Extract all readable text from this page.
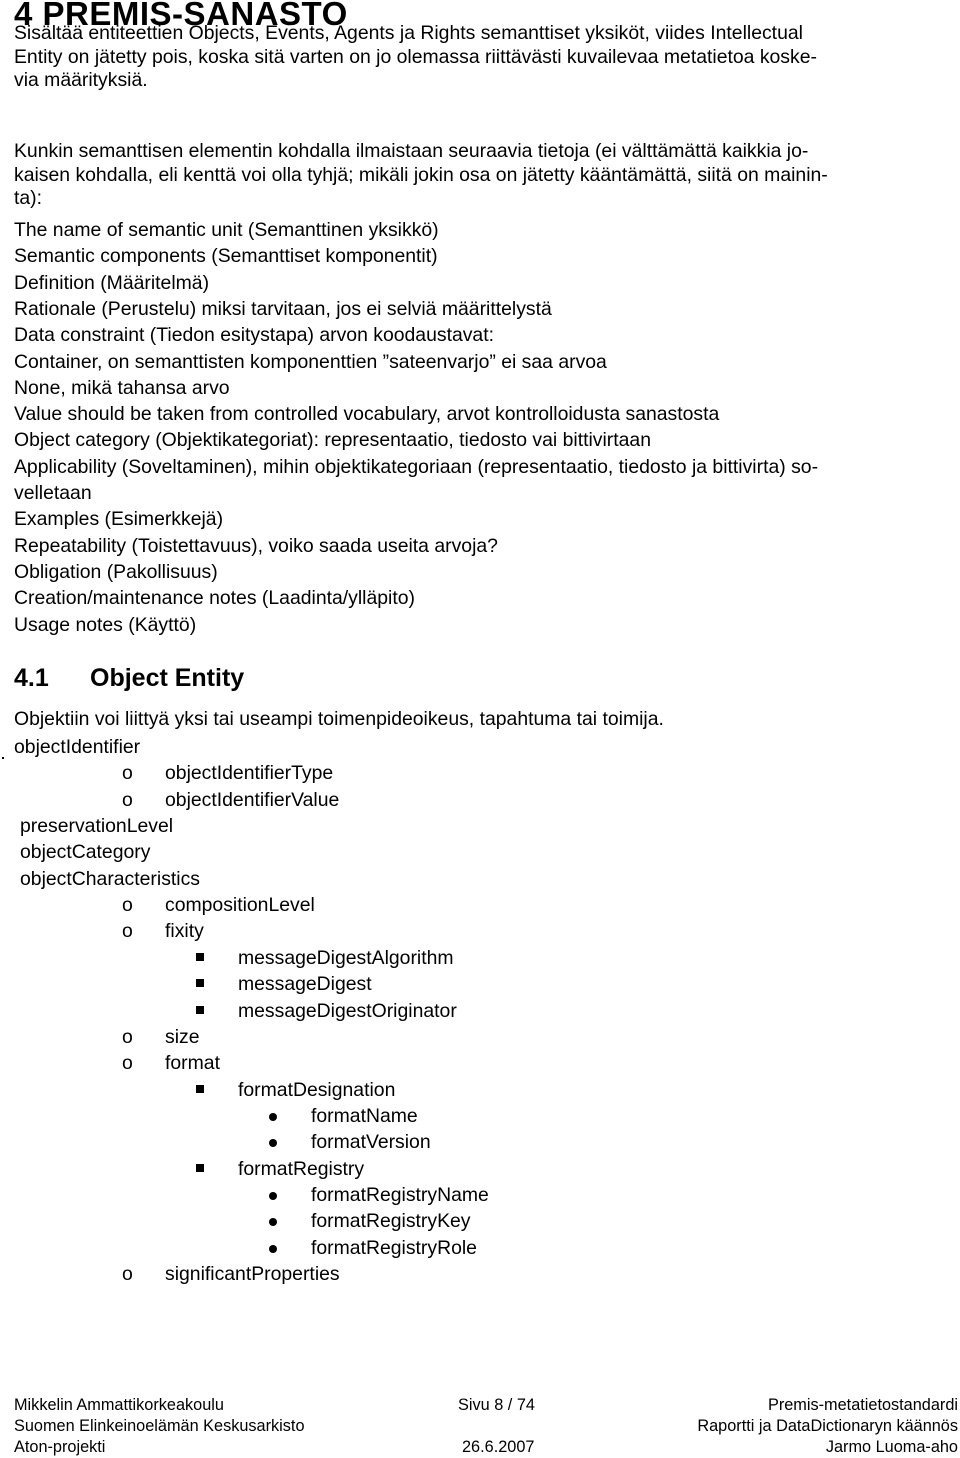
4 PREMIS-SANASTO

Sisältää entiteettien Objects, Events, Agents ja Rights semanttiset yksiköt, viides Intellectual

Entity on jätetty pois, koska sitä varten on jo olemassa riittävästi kuvailevaa metatietoa koske-

via määrityksiä.

Kunkin semanttisen elementin kohdalla ilmaistaan seuraavia tietoja (ei välttämättä kaikkia jo-

kaisen kohdalla, eli kenttä voi olla tyhjä; mikäli jokin osa on jätetty kääntämättä, siitä on mainin-

ta):

The name of semantic unit (Semanttinen yksikkö)

Semantic components (Semanttiset komponentit)

Definition (Määritelmä)

Rationale (Perustelu) miksi tarvitaan, jos ei selviä määrittelystä

Data constraint (Tiedon esitystapa) arvon koodaustavat:

Container, on semanttisten komponenttien ”sateenvarjo” ei saa arvoa

None, mikä tahansa arvo

Value should be taken from controlled vocabulary, arvot kontrolloidusta sanastosta

Object category (Objektikategoriat): representaatio, tiedosto vai bittivirtaan

Applicability (Soveltaminen), mihin objektikategoriaan (representaatio, tiedosto ja bittivirta) so-

velletaan

Examples (Esimerkkejä)

Repeatability (Toistettavuus), voiko saada useita arvoja?

Obligation (Pakollisuus)

Creation/maintenance notes (Laadinta/ylläpito)

Usage notes (Käyttö)

4.1 Object Entity

Objektiin voi liittyä yksi tai useampi toimenpideoikeus, tapahtuma tai toimija.

objectIdentifier

o objectIdentifierType

o objectIdentifierValue

preservationLevel

objectCategory

objectCharacteristics

o compositionLevel

o fixity

messageDigestAlgorithm

messageDigest

messageDigestOriginator

o size

o format

formatDesignation

formatName

formatVersion

formatRegistry

formatRegistryName

formatRegistryKey

formatRegistryRole

o significantProperties

Mikkelin Ammattikorkeakoulu
Suomen Elinkeinoelämän Keskusarkisto
Aton-projekti
Sivu 8 / 74
26.6.2007
Premis-metatietostandardi
Raportti ja DataDictionaryn käännös
Jarmo Luoma-aho
